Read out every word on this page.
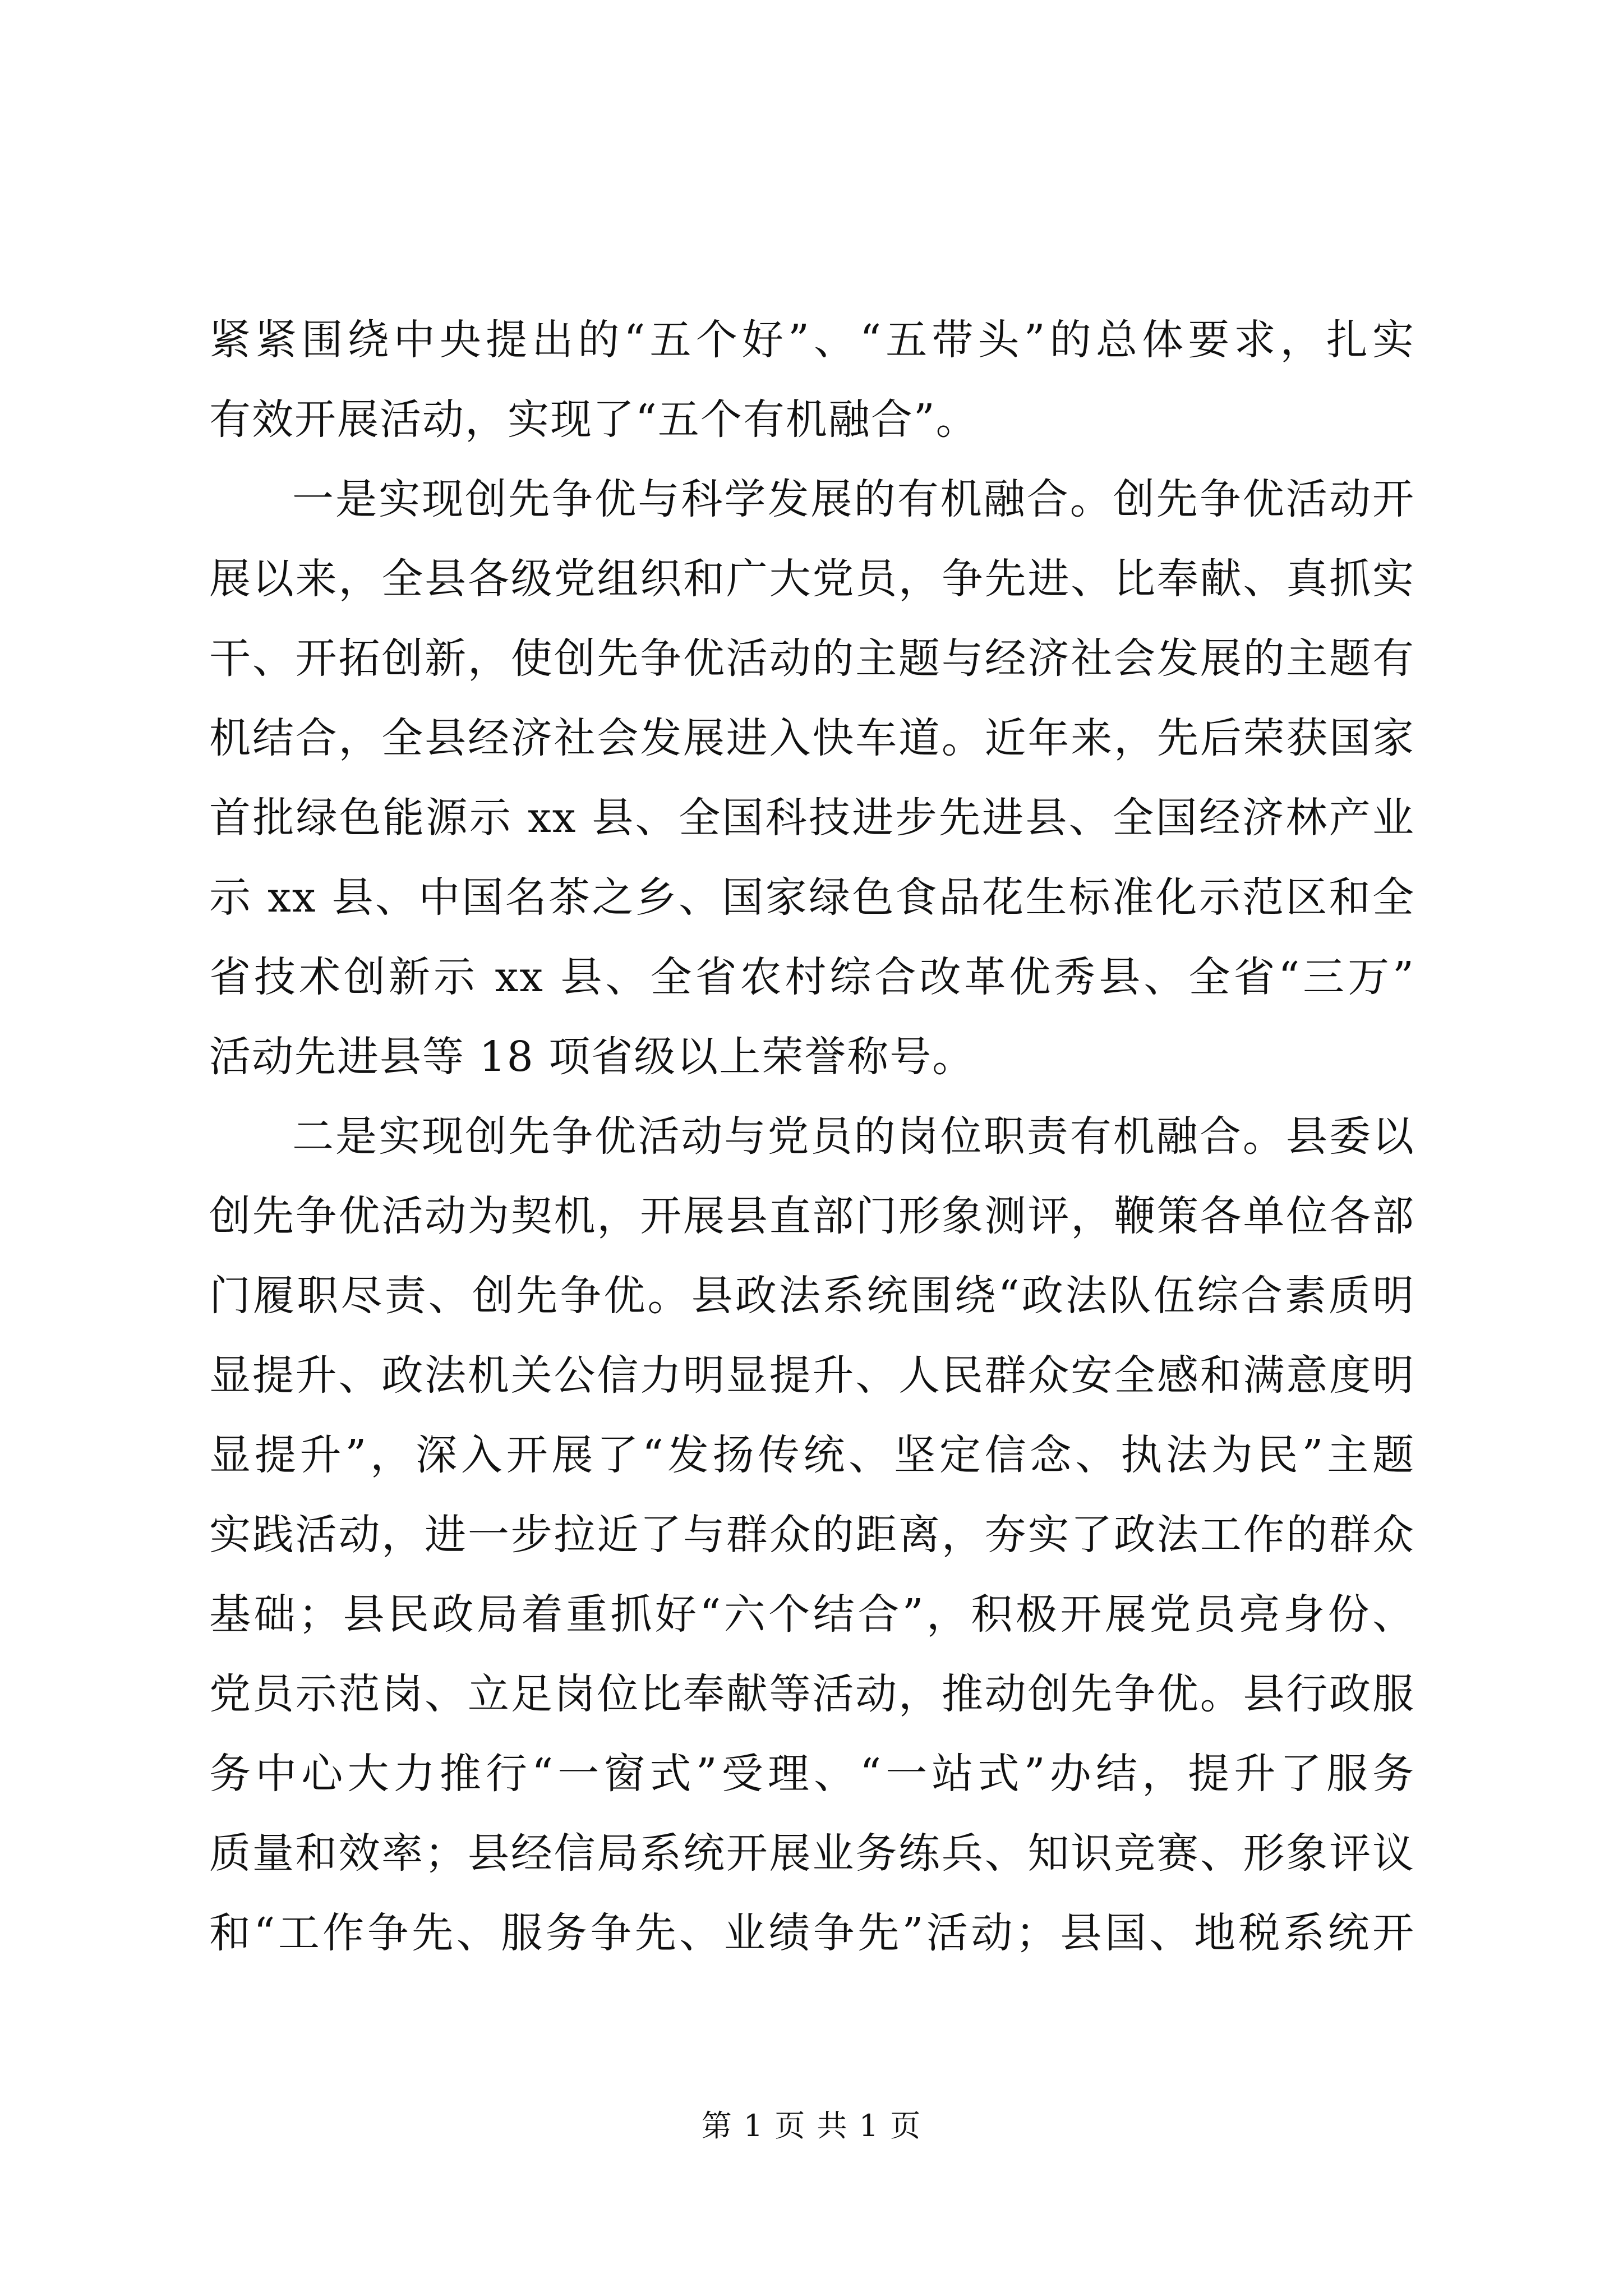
紧紧围绕中央提出的“五个好”、“五带头”的总体要求，扎实
有效开展活动，实现了“五个有机融合”。
一是实现创先争优与科学发展的有机融合。创先争优活动开
展以来，全县各级党组织和广大党员，争先进、比奉献、真抓实
干、开拓创新，使创先争优活动的主题与经济社会发展的主题有
机结合，全县经济社会发展进入快车道。近年来，先后荣获国家
首批绿色能源示 xx 县、全国科技进步先进县、全国经济林产业
示 xx 县、中国名茶之乡、国家绿色食品花生标准化示范区和全
省技术创新示 xx 县、全省农村综合改革优秀县、全省“三万”
活动先进县等 18 项省级以上荣誉称号。
二是实现创先争优活动与党员的岗位职责有机融合。县委以
创先争优活动为契机，开展县直部门形象测评，鞭策各单位各部
门履职尽责、创先争优。县政法系统围绕“政法队伍综合素质明
显提升、政法机关公信力明显提升、人民群众安全感和满意度明
显提升”，深入开展了“发扬传统、坚定信念、执法为民”主题
实践活动，进一步拉近了与群众的距离，夯实了政法工作的群众
基础；县民政局着重抓好“六个结合”，积极开展党员亮身份、
党员示范岗、立足岗位比奉献等活动，推动创先争优。县行政服
务中心大力推行“一窗式”受理、“一站式”办结，提升了服务
质量和效率；县经信局系统开展业务练兵、知识竞赛、形象评议
和“工作争先、服务争先、业绩争先”活动；县国、地税系统开
第 1 页 共 1 页
